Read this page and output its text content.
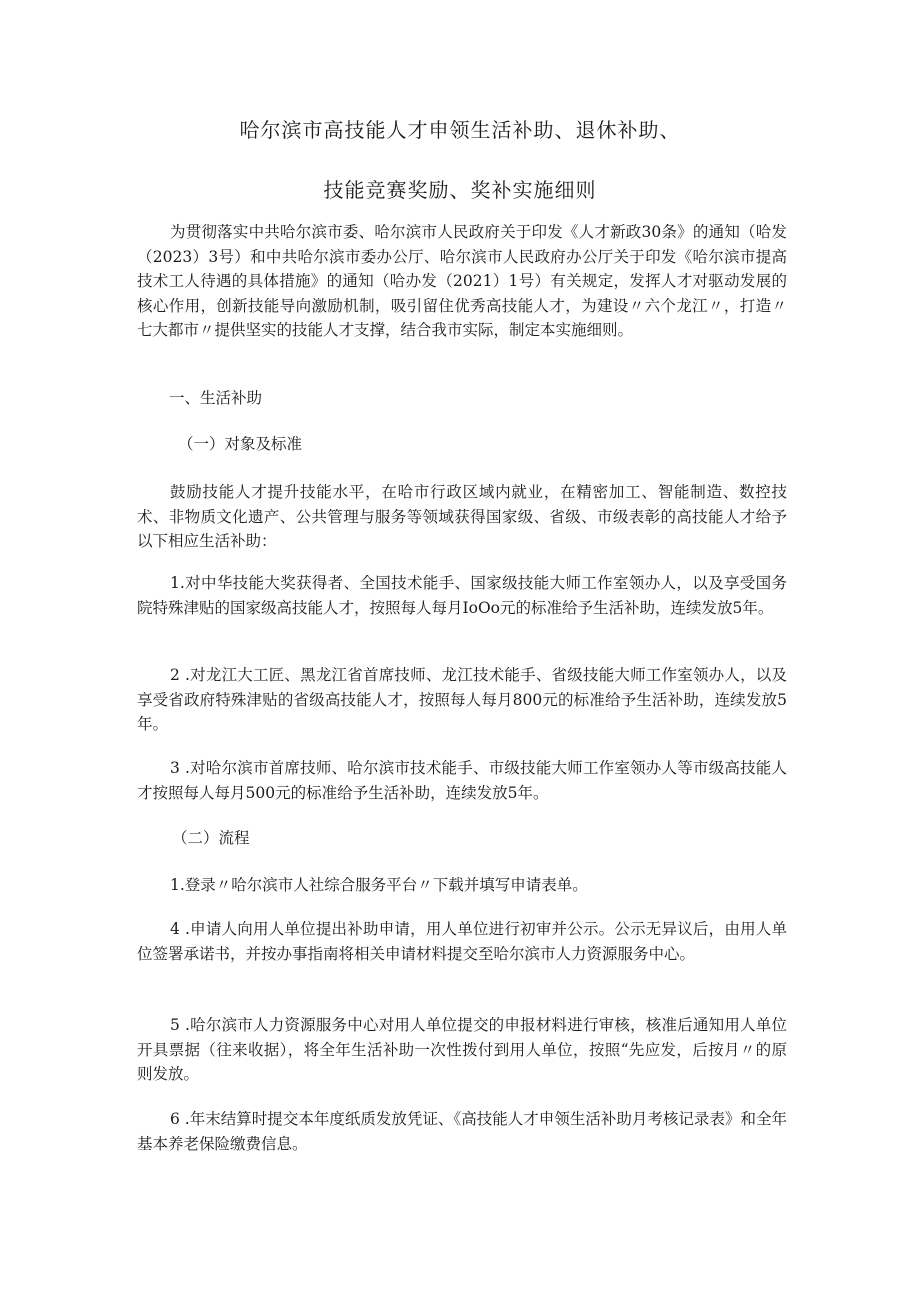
哈尔滨市高技能人才申领生活补助、退休补助、
技能竞赛奖励、奖补实施细则
为贯彻落实中共哈尔滨市委、哈尔滨市人民政府关于印发《人才新政30条》的通知（哈发（2023）3号）和中共哈尔滨市委办公厅、哈尔滨市人民政府办公厅关于印发《哈尔滨市提高技术工人待遇的具体措施》的通知（哈办发（2021）1号）有关规定，发挥人才对驱动发展的核心作用，创新技能导向激励机制，吸引留住优秀高技能人才，为建设〃六个龙江〃，打造〃七大都市〃提供坚实的技能人才支撑，结合我市实际，制定本实施细则。
一、生活补助
（一）对象及标准
鼓励技能人才提升技能水平，在哈市行政区域内就业，在精密加工、智能制造、数控技术、非物质文化遗产、公共管理与服务等领域获得国家级、省级、市级表彰的高技能人才给予以下相应生活补助：
1.对中华技能大奖获得者、全国技术能手、国家级技能大师工作室领办人，以及享受国务院特殊津贴的国家级高技能人才，按照每人每月IoOo元的标准给予生活补助，连续发放5年。
2 .对龙江大工匠、黑龙江省首席技师、龙江技术能手、省级技能大师工作室领办人，以及享受省政府特殊津贴的省级高技能人才，按照每人每月800元的标准给予生活补助，连续发放5年。
3 .对哈尔滨市首席技师、哈尔滨市技术能手、市级技能大师工作室领办人等市级高技能人才按照每人每月500元的标准给予生活补助，连续发放5年。
（二）流程
1.登录〃哈尔滨市人社综合服务平台〃下载并填写申请表单。
4 .申请人向用人单位提出补助申请，用人单位进行初审并公示。公示无异议后，由用人单位签署承诺书，并按办事指南将相关申请材料提交至哈尔滨市人力资源服务中心。
5 .哈尔滨市人力资源服务中心对用人单位提交的申报材料进行审核，核准后通知用人单位开具票据（往来收据），将全年生活补助一次性拨付到用人单位，按照“先应发，后按月〃的原则发放。
6 .年末结算时提交本年度纸质发放凭证、《高技能人才申领生活补助月考核记录表》和全年基本养老保险缴费信息。
